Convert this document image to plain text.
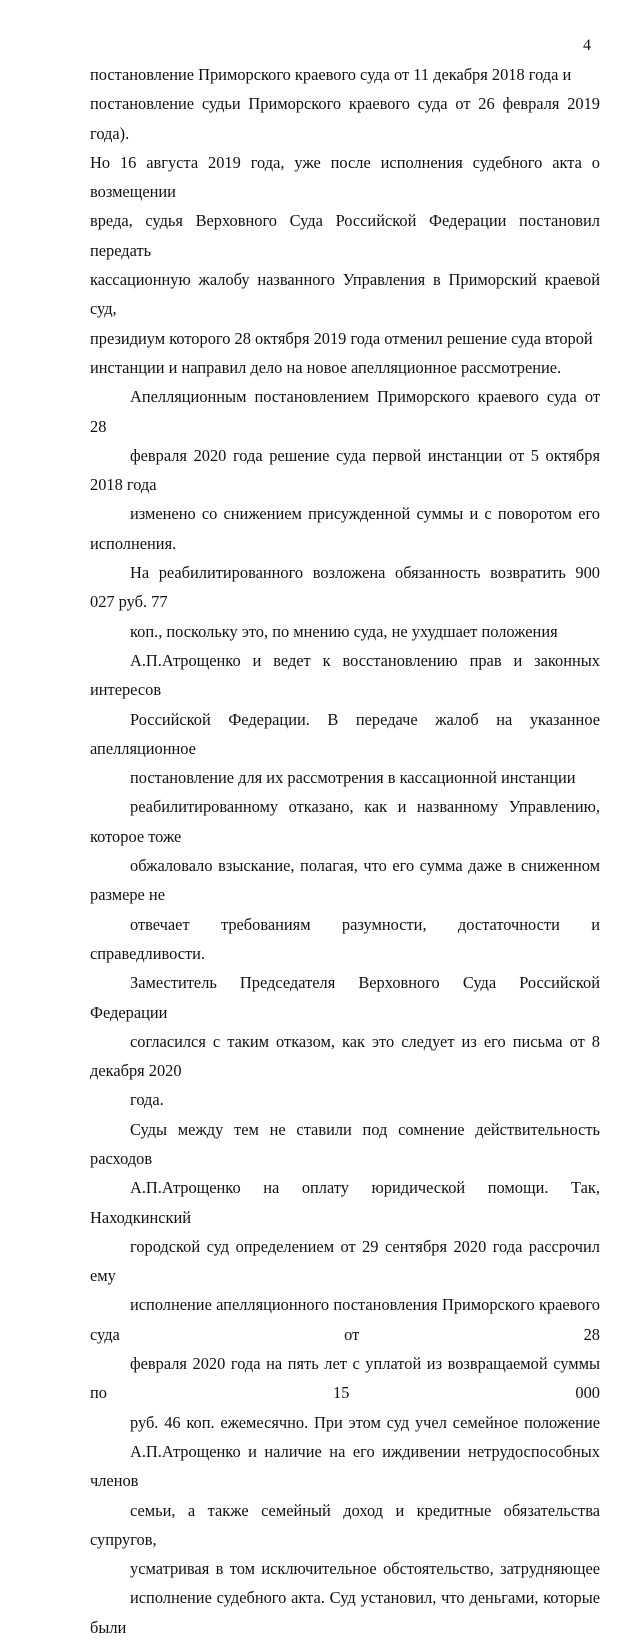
4

постановление Приморского краевого суда от 11 декабря 2018 года и
постановление судьи Приморского краевого суда от 26 февраля 2019 года).
Но 16 августа 2019 года, уже после исполнения судебного акта о возмещении
вреда, судья Верховного Суда Российской Федерации постановил передать
кассационную жалобу названного Управления в Приморский краевой суд,
президиум которого 28 октября 2019 года отменил решение суда второй
инстанции и направил дело на новое апелляционное рассмотрение.

Апелляционным постановлением Приморского краевого суда от 28
февраля 2020 года решение суда первой инстанции от 5 октября 2018 года
изменено со снижением присужденной суммы и с поворотом его исполнения.
На реабилитированного возложена обязанность возвратить 900 027 руб. 77
коп., поскольку это, по мнению суда, не ухудшает положения
А.П.Атрощенко и ведет к восстановлению прав и законных интересов
Российской Федерации. В передаче жалоб на указанное апелляционное
постановление для их рассмотрения в кассационной инстанции
реабилитированному отказано, как и названному Управлению, которое тоже
обжаловало взыскание, полагая, что его сумма даже в сниженном размере не
отвечает требованиям разумности, достаточности и справедливости.
Заместитель Председателя Верховного Суда Российской Федерации
согласился с таким отказом, как это следует из его письма от 8 декабря 2020
года.

Суды между тем не ставили под сомнение действительность расходов
А.П.Атрощенко на оплату юридической помощи. Так, Находкинский
городской суд определением от 29 сентября 2020 года рассрочил ему
исполнение апелляционного постановления Приморского краевого суда от 28
февраля 2020 года на пять лет с уплатой из возвращаемой суммы по 15 000
руб. 46 коп. ежемесячно. При этом суд учел семейное положение
А.П.Атрощенко и наличие на его иждивении нетрудоспособных членов
семьи, а также семейный доход и кредитные обязательства супругов,
усматривая в том исключительное обстоятельство, затрудняющее
исполнение судебного акта. Суд установил, что деньгами, которые были
